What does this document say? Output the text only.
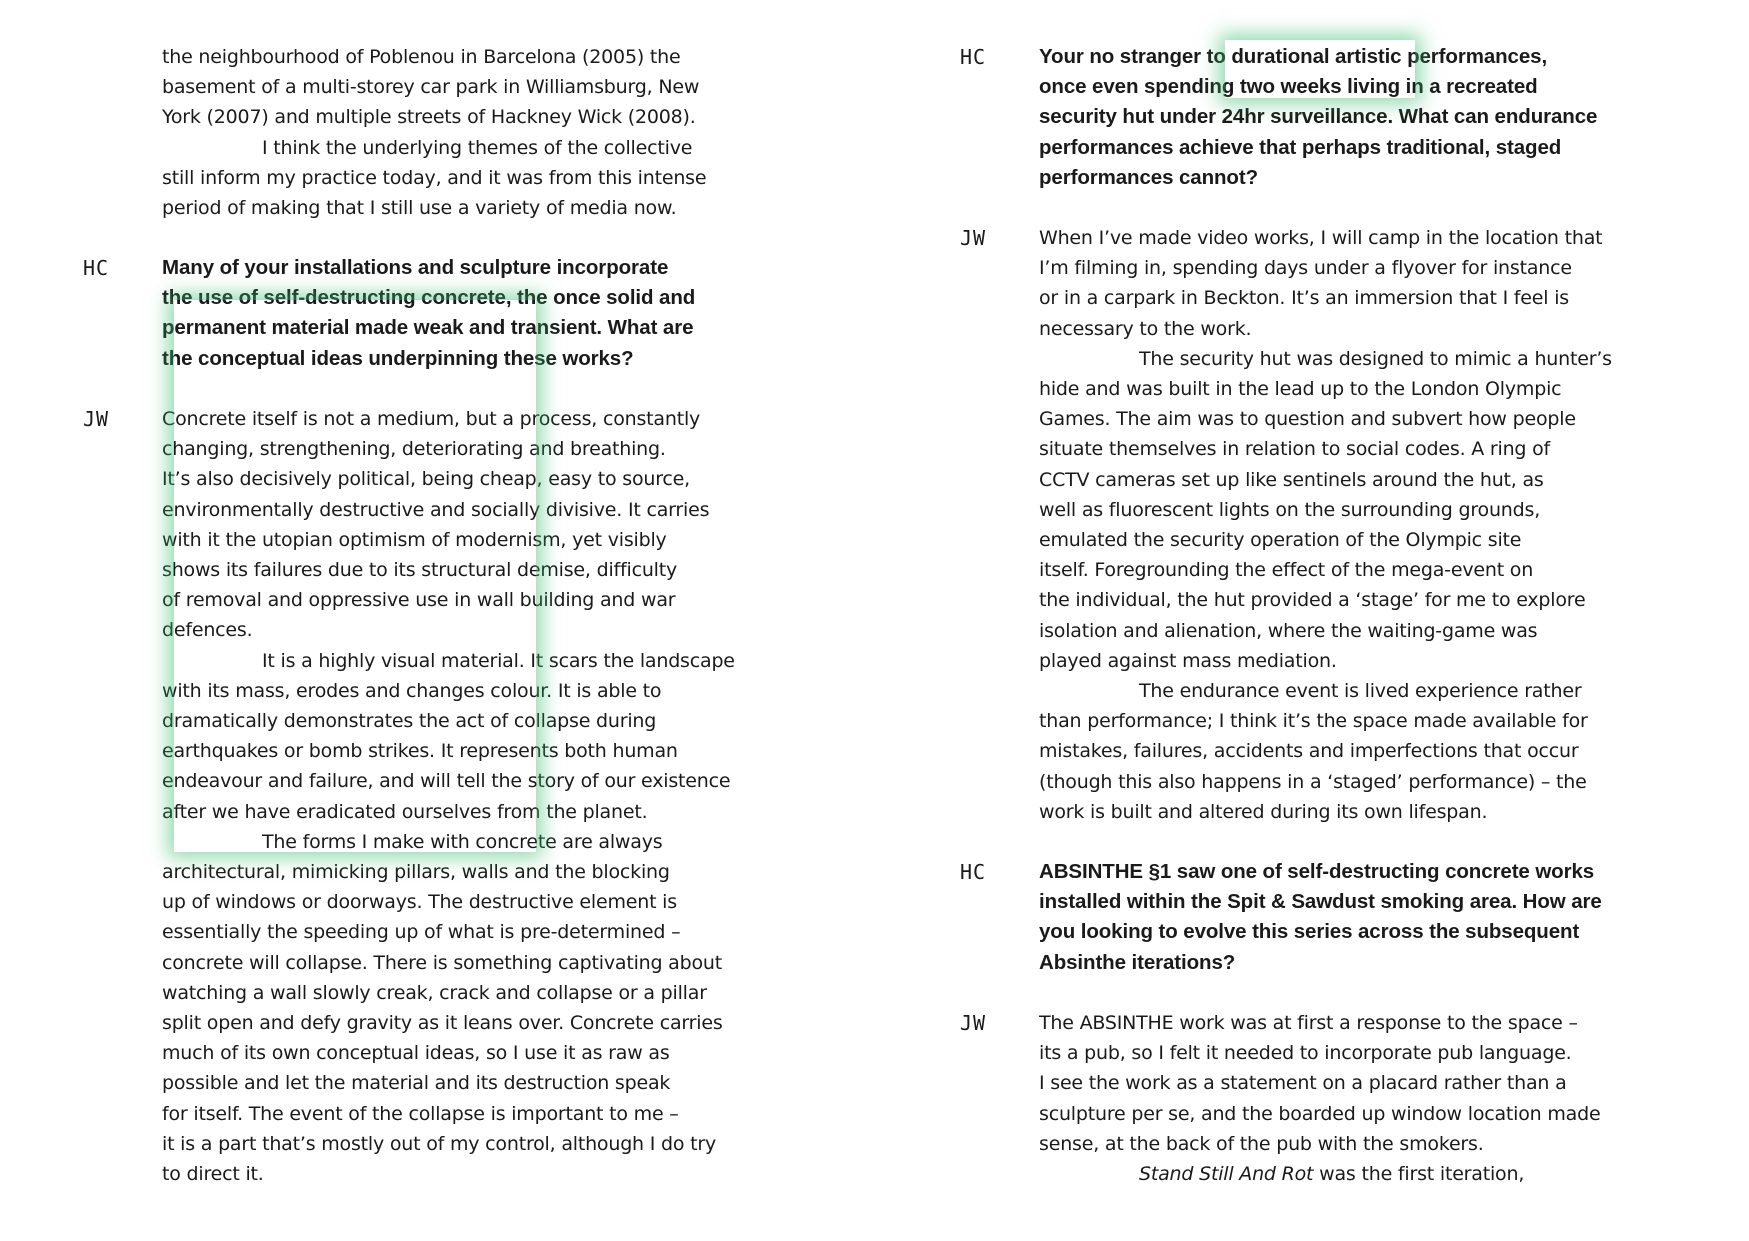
the neighbourhood of Poblenou in Barcelona (2005) the
basement of a multi-storey car park in Williamsburg, New
York (2007) and multiple streets of Hackney Wick (2008).
I think the underlying themes of the collective
still inform my practice today, and it was from this intense
period of making that I still use a variety of media now.
HC	Many of your installations and sculpture incorporate
the use of self-destructing concrete, the once solid and
permanent material made weak and transient. What are
the conceptual ideas underpinning these works?
JW	Concrete itself is not a medium, but a process, constantly
changing, strengthening, deteriorating and breathing.
It’s also decisively political, being cheap, easy to source,
environmentally destructive and socially divisive. It carries
with it the utopian optimism of modernism, yet visibly
shows its failures due to its structural demise, difficulty
of removal and oppressive use in wall building and war
defences.
It is a highly visual material. It scars the landscape
with its mass, erodes and changes colour. It is able to
dramatically demonstrates the act of collapse during
earthquakes or bomb strikes. It represents both human
endeavour and failure, and will tell the story of our existence
after we have eradicated ourselves from the planet.
The forms I make with concrete are always
architectural, mimicking pillars, walls and the blocking
up of windows or doorways. The destructive element is
essentially the speeding up of what is pre-determined –
concrete will collapse. There is something captivating about
watching a wall slowly creak, crack and collapse or a pillar
split open and defy gravity as it leans over. Concrete carries
much of its own conceptual ideas, so I use it as raw as
possible and let the material and its destruction speak
for itself. The event of the collapse is important to me –
it is a part that’s mostly out of my control, although I do try
to direct it.
HC	Your no stranger to durational artistic performances,
once even spending two weeks living in a recreated
security hut under 24hr surveillance. What can endurance
performances achieve that perhaps traditional, staged
performances cannot?
JW	When I’ve made video works, I will camp in the location that
I’m filming in, spending days under a flyover for instance
or in a carpark in Beckton. It’s an immersion that I feel is
necessary to the work.
The security hut was designed to mimic a hunter’s
hide and was built in the lead up to the London Olympic
Games. The aim was to question and subvert how people
situate themselves in relation to social codes. A ring of
CCTV cameras set up like sentinels around the hut, as
well as fluorescent lights on the surrounding grounds,
emulated the security operation of the Olympic site
itself. Foregrounding the effect of the mega-event on
the individual, the hut provided a ‘stage’ for me to explore
isolation and alienation, where the waiting-game was
played against mass mediation.
The endurance event is lived experience rather
than performance; I think it’s the space made available for
mistakes, failures, accidents and imperfections that occur
(though this also happens in a ‘staged’ performance) – the
work is built and altered during its own lifespan.
HC	ABSINTHE §1 saw one of self-destructing concrete works
installed within the Spit & Sawdust smoking area. How are
you looking to evolve this series across the subsequent
Absinthe iterations?
JW	The ABSINTHE work was at first a response to the space –
its a pub, so I felt it needed to incorporate pub language.
I see the work as a statement on a placard rather than a
sculpture per se, and the boarded up window location made
sense, at the back of the pub with the smokers.
Stand Still And Rot was the first iteration,
